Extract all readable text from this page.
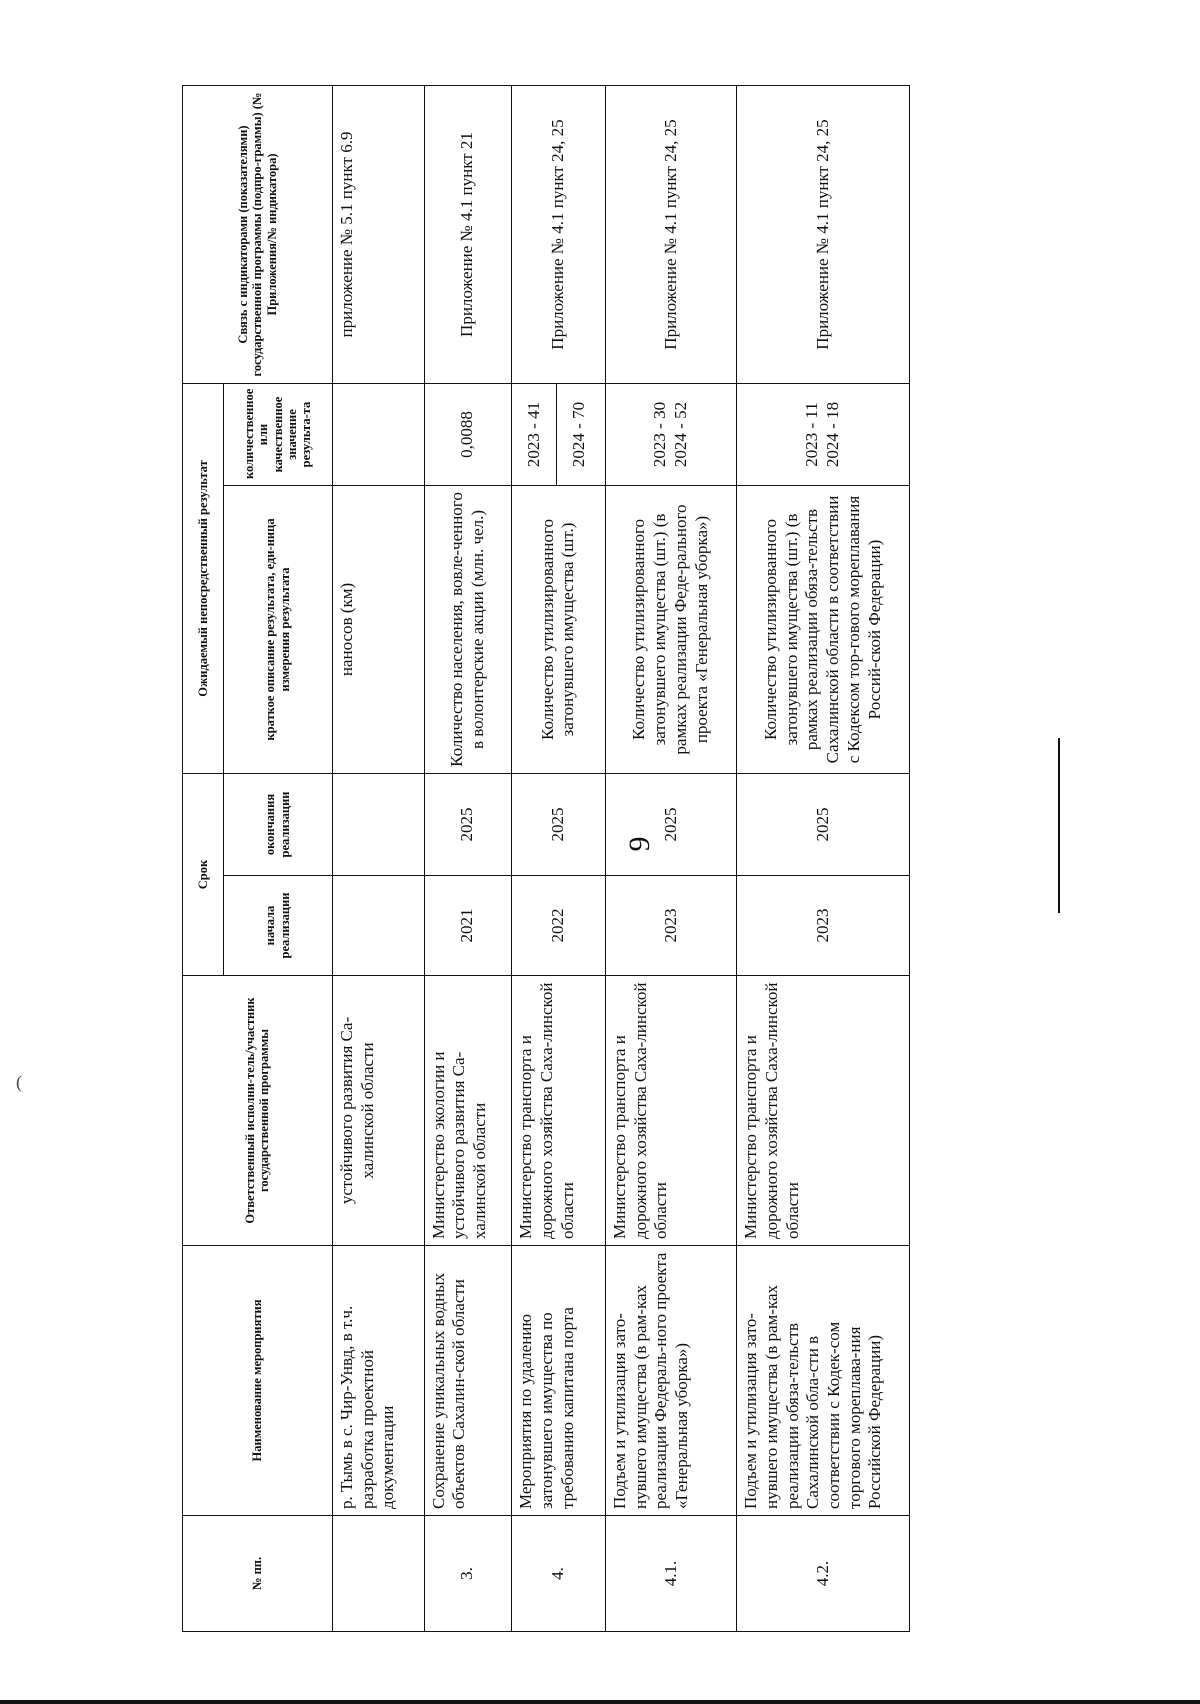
9
(
№ пп.	Наименование мероприятия	Ответственный исполни-тель/участник государственной программы	Срок		Ожидаемый непосредственный результат		Связь с индикаторами (показателями) государственной программы (подпро-граммы) (№ Приложения/№ индикатора)
			начала реализации	окончания реализации	краткое описание результата, еди-ница измерения результата	количественное или качественное значение результа-та	
	р. Тымь в с. Чир-Унвд, в т.ч. разработка проектной документации	устойчивого развития Са-халинской области			наносов (км)		приложение № 5.1 пункт 6.9
3.	Сохранение уникальных водных объектов Сахалин-ской области	Министерство экологии и устойчивого развития Са-халинской области	2021	2025	Количество населения, вовле-ченного в волонтерские акции (млн. чел.)	0,0088	Приложение № 4.1 пункт 21
4.	Мероприятия по удалению затонувшего имущества по требованию капитана порта	Министерство транспорта и дорожного хозяйства Саха-линской области	2022	2025	Количество утилизированного затонувшего имущества (шт.)	2023 - 41 2024 - 70	Приложение № 4.1 пункт 24, 25
4.1.	Подъем и утилизация зато-нувшего имущества (в рам-ках реализации Федераль-ного проекта «Генеральная уборка»)	Министерство транспорта и дорожного хозяйства Саха-линской области	2023	2025	Количество утилизированного затонувшего имущества (шт.) (в рамках реализации Феде-рального проекта «Генеральная уборка»)	2023 - 30 2024 - 52	Приложение № 4.1 пункт 24, 25
4.2.	Подъем и утилизация зато-нувшего имущества (в рам-ках реализации обяза-тельств Сахалинской обла-сти в соответствии с Кодек-сом торгового мореплава-ния Российской Федерации)	Министерство транспорта и дорожного хозяйства Саха-линской области	2023	2025	Количество утилизированного затонувшего имущества (шт.) (в рамках реализации обяза-тельств Сахалинской области в соответствии с Кодексом тор-гового мореплавания Россий-ской Федерации)	2023 - 11 2024 - 18	Приложение № 4.1 пункт 24, 25
